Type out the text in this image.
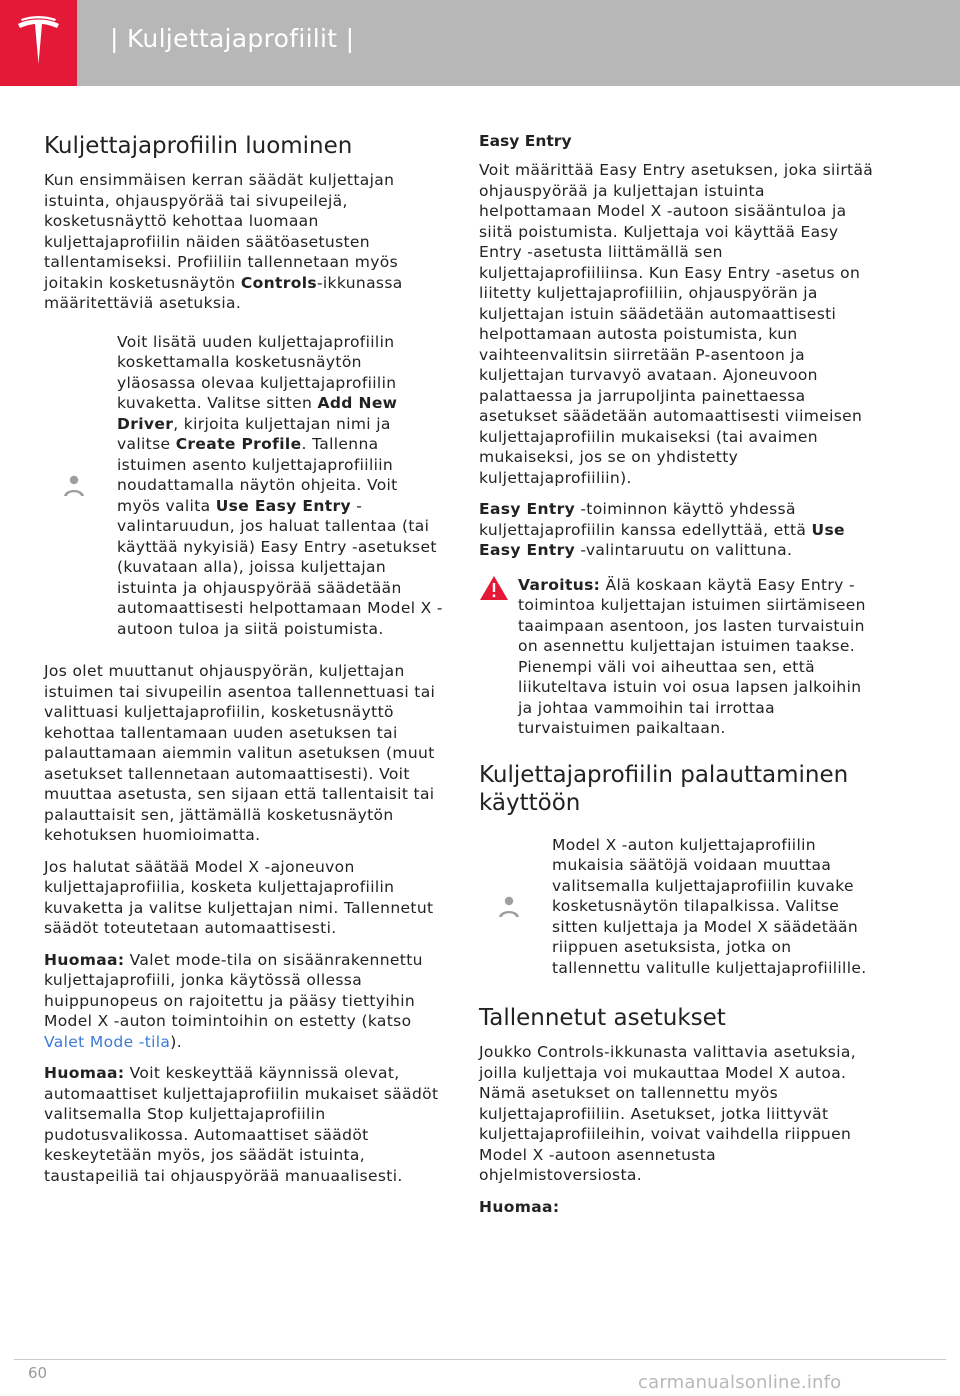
| Kuljettajaprofiilit |
Kuljettajaprofiilin luominen

Kun ensimmäisen kerran säädät kuljettajan istuinta, ohjauspyörää tai sivupeilejä, kosketusnäyttö kehottaa luomaan kuljettajaprofiilin näiden säätöasetusten tallentamiseksi. Profiiliin tallennetaan myös joitakin kosketusnäytön Controls-ikkunassa määritettäviä asetuksia.

Voit lisätä uuden kuljettajaprofiilin koskettamalla kosketusnäytön yläosassa olevaa kuljettajaprofiilin kuvaketta. Valitse sitten Add New Driver, kirjoita kuljettajan nimi ja valitse Create Profile. Tallenna istuimen asento kuljettajaprofiiliin noudattamalla näytön ohjeita. Voit myös valita Use Easy Entry -valintaruudun, jos haluat tallentaa (tai käyttää nykyisiä) Easy Entry -asetukset (kuvataan alla), joissa kuljettajan istuinta ja ohjauspyörää säädetään automaattisesti helpottamaan Model X -autoon tuloa ja siitä poistumista.

Jos olet muuttanut ohjauspyörän, kuljettajan istuimen tai sivupeilin asentoa tallennettuasi tai valittuasi kuljettajaprofiilin, kosketusnäyttö kehottaa tallentamaan uuden asetuksen tai palauttamaan aiemmin valitun asetuksen (muut asetukset tallennetaan automaattisesti). Voit muuttaa asetusta, sen sijaan että tallentaisit tai palauttaisit sen, jättämällä kosketusnäytön kehotuksen huomioimatta.

Jos halutat säätää Model X -ajoneuvon kuljettajaprofiilia, kosketa kuljettajaprofiilin kuvaketta ja valitse kuljettajan nimi. Tallennetut säädöt toteutetaan automaattisesti.

Huomaa: Valet mode-tila on sisäänrakennettu kuljettajaprofiili, jonka käytössä ollessa huippunopeus on rajoitettu ja pääsy tiettyihin Model X -auton toimintoihin on estetty (katso Valet Mode -tila).

Huomaa: Voit keskeyttää käynnissä olevat, automaattiset kuljettajaprofiilin mukaiset säädöt valitsemalla Stop kuljettajaprofiilin pudotusvalikossa. Automaattiset säädöt keskeytetään myös, jos säädät istuinta, taustapeiliä tai ohjauspyörää manuaalisesti.

Easy Entry

Voit määrittää Easy Entry asetuksen, joka siirtää ohjauspyörää ja kuljettajan istuinta helpottamaan Model X -autoon sisääntuloa ja siitä poistumista. Kuljettaja voi käyttää Easy Entry -asetusta liittämällä sen kuljettajaprofiiliinsa. Kun Easy Entry -asetus on liitetty kuljettajaprofiiliin, ohjauspyörän ja kuljettajan istuin säädetään automaattisesti helpottamaan autosta poistumista, kun vaihteenvalitsin siirretään P-asentoon ja kuljettajan turvavyö avataan. Ajoneuvoon palattaessa ja jarrupoljinta painettaessa asetukset säädetään automaattisesti viimeisen kuljettajaprofiilin mukaiseksi (tai avaimen mukaiseksi, jos se on yhdistetty kuljettajaprofiiliin).

Easy Entry -toiminnon käyttö yhdessä kuljettajaprofiilin kanssa edellyttää, että Use Easy Entry -valintaruutu on valittuna.

Varoitus: Älä koskaan käytä Easy Entry -toimintoa kuljettajan istuimen siirtämiseen taaimpaan asentoon, jos lasten turvaistuin on asennettu kuljettajan istuimen taakse. Pienempi väli voi aiheuttaa sen, että liikuteltava istuin voi osua lapsen jalkoihin ja johtaa vammoihin tai irrottaa turvaistuimen paikaltaan.

Kuljettajaprofiilin palauttaminen käyttöön

Model X -auton kuljettajaprofiilin mukaisia säätöjä voidaan muuttaa valitsemalla kuljettajaprofiilin kuvake kosketusnäytön tilapalkissa. Valitse sitten kuljettaja ja Model X säädetään riippuen asetuksista, jotka on tallennettu valitulle kuljettajaprofiilille.

Tallennetut asetukset

Joukko Controls-ikkunasta valittavia asetuksia, joilla kuljettaja voi mukauttaa Model X autoa. Nämä asetukset on tallennettu myös kuljettajaprofiiliin. Asetukset, jotka liittyvät kuljettajaprofiileihin, voivat vaihdella riippuen Model X -autoon asennetusta ohjelmistoversiosta.

Huomaa:

60	carmanualsonline.info
